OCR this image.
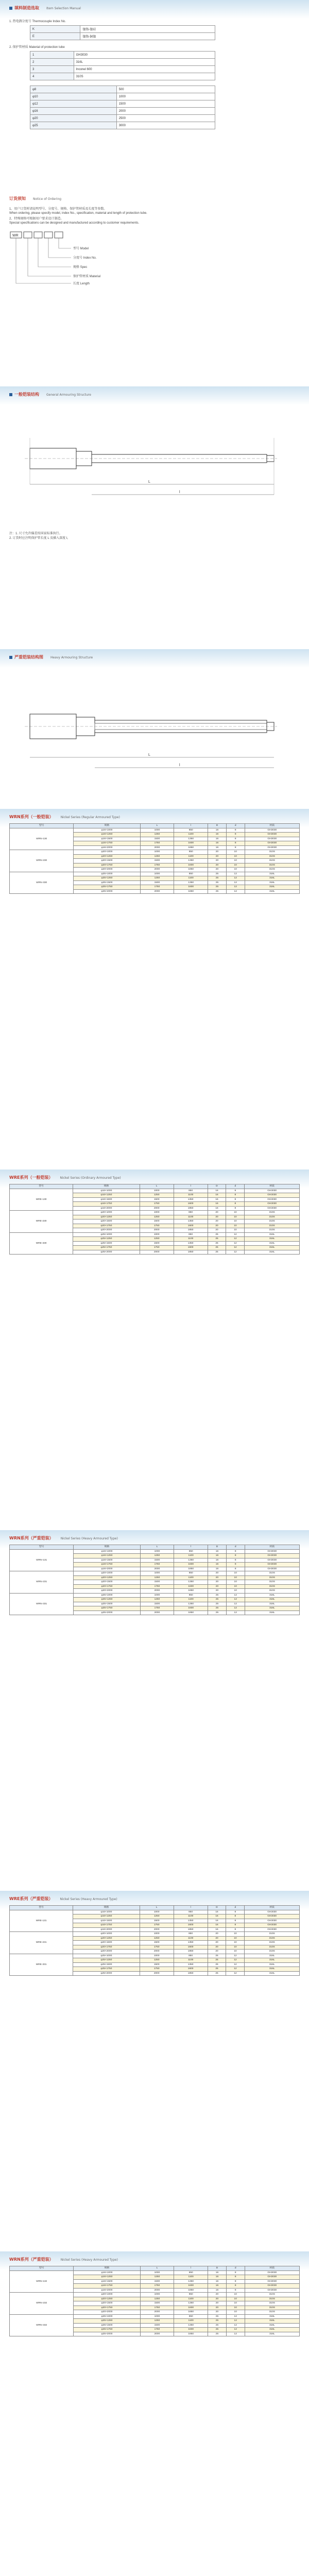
填料制造选取 Item Selection Manual
1. 热电偶分度号 Thermocouple Index No.
K	镍铬-镍硅
E	镍铬-铜镍
2. 保护管材质 Material of protection tube
1	GH3030
2	316L
3	Inconel 600
4	310S
φ8	500
φ10	1000
φ12	1500
φ16	2000
φ20	2500
φ25	3000
订货须知 Notice of Ordering
1、用户订货时请说明型号、分度号、规格、保护管材质及长度等参数。
When ordering, please specify model, index No., specification, material and length of protection tube.
2、特殊规格可根据用户要求设计制造。
Special specifications can be designed and manufactured according to customer requirements.
WR
型号 Model
分度号 Index No.
规格 Spec
保护管材质 Material
长度 Length
一般铠装结构 General Armouring Structure
L
l
注：1. 尺寸允许偏差按国家标准执行。
2. 订货时应注明保护管长度 L 及插入深度 l。
严重铠装结构图 Heavy Armouring Structure
L
l
WRN系列（一般铠装） Nickel Series (Regular Armoured Type)
型号	规格	L	l	D	d	材质
WRN-130	φ16×1000	1000	850	16	8	GH3030
	φ16×1250	1250	1100	16	8	GH3030
	φ16×1500	1500	1350	16	8	GH3030
	φ16×1750	1750	1600	16	8	GH3030
	φ16×2000	2000	1850	16	8	GH3030
WRN-230	φ20×1000	1000	850	20	10	310S
	φ20×1250	1250	1100	20	10	310S
	φ20×1500	1500	1350	20	10	310S
	φ20×1750	1750	1600	20	10	310S
	φ20×2000	2000	1850	20	10	310S
WRN-330	φ25×1000	1000	850	25	12	316L
	φ25×1250	1250	1100	25	12	316L
	φ25×1500	1500	1350	25	12	316L
	φ25×1750	1750	1600	25	12	316L
	φ25×2000	2000	1850	25	12	316L
WRE系列（一般铠装） Nickel Series (Ordinary Armoured Type)
型号	规格	L	l	D	d	材质
WRE-130	φ16×1000	1000	850	16	8	GH3030
	φ16×1250	1250	1100	16	8	GH3030
	φ16×1500	1500	1350	16	8	GH3030
	φ16×1750	1750	1600	16	8	GH3030
	φ16×2000	2000	1850	16	8	GH3030
WRE-230	φ20×1000	1000	850	20	10	310S
	φ20×1250	1250	1100	20	10	310S
	φ20×1500	1500	1350	20	10	310S
	φ20×1750	1750	1600	20	10	310S
	φ20×2000	2000	1850	20	10	310S
WRE-330	φ25×1000	1000	850	25	12	316L
	φ25×1250	1250	1100	25	12	316L
	φ25×1500	1500	1350	25	12	316L
	φ25×1750	1750	1600	25	12	316L
	φ25×2000	2000	1850	25	12	316L
WRN系列（严重铠装） Nickel Series (Heavy Armoured Type)
型号	规格	L	l	D	d	材质
WRN-131	φ16×1000	1000	850	16	8	GH3030
	φ16×1250	1250	1100	16	8	GH3030
	φ16×1500	1500	1350	16	8	GH3030
	φ16×1750	1750	1600	16	8	GH3030
	φ16×2000	2000	1850	16	8	GH3030
WRN-231	φ20×1000	1000	850	20	10	310S
	φ20×1250	1250	1100	20	10	310S
	φ20×1500	1500	1350	20	10	310S
	φ20×1750	1750	1600	20	10	310S
	φ20×2000	2000	1850	20	10	310S
WRN-331	φ25×1000	1000	850	25	12	316L
	φ25×1250	1250	1100	25	12	316L
	φ25×1500	1500	1350	25	12	316L
	φ25×1750	1750	1600	25	12	316L
	φ25×2000	2000	1850	25	12	316L
WRE系列（严重铠装） Nickel Series (Heavy Armoured Type)
型号	规格	L	l	D	d	材质
WRE-131	φ16×1000	1000	850	16	8	GH3030
	φ16×1250	1250	1100	16	8	GH3030
	φ16×1500	1500	1350	16	8	GH3030
	φ16×1750	1750	1600	16	8	GH3030
	φ16×2000	2000	1850	16	8	GH3030
WRE-231	φ20×1000	1000	850	20	10	310S
	φ20×1250	1250	1100	20	10	310S
	φ20×1500	1500	1350	20	10	310S
	φ20×1750	1750	1600	20	10	310S
	φ20×2000	2000	1850	20	10	310S
WRE-331	φ25×1000	1000	850	25	12	316L
	φ25×1250	1250	1100	25	12	316L
	φ25×1500	1500	1350	25	12	316L
	φ25×1750	1750	1600	25	12	316L
	φ25×2000	2000	1850	25	12	316L
WRN系列（严重铠装） Nickel Series (Heavy Armoured Type)
型号	规格	L	l	D	d	材质
WRN-132	φ16×1000	1000	850	16	8	GH3030
	φ16×1250	1250	1100	16	8	GH3030
	φ16×1500	1500	1350	16	8	GH3030
	φ16×1750	1750	1600	16	8	GH3030
	φ16×2000	2000	1850	16	8	GH3030
WRN-232	φ20×1000	1000	850	20	10	310S
	φ20×1250	1250	1100	20	10	310S
	φ20×1500	1500	1350	20	10	310S
	φ20×1750	1750	1600	20	10	310S
	φ20×2000	2000	1850	20	10	310S
WRN-332	φ25×1000	1000	850	25	12	316L
	φ25×1250	1250	1100	25	12	316L
	φ25×1500	1500	1350	25	12	316L
	φ25×1750	1750	1600	25	12	316L
	φ25×2000	2000	1850	25	12	316L
